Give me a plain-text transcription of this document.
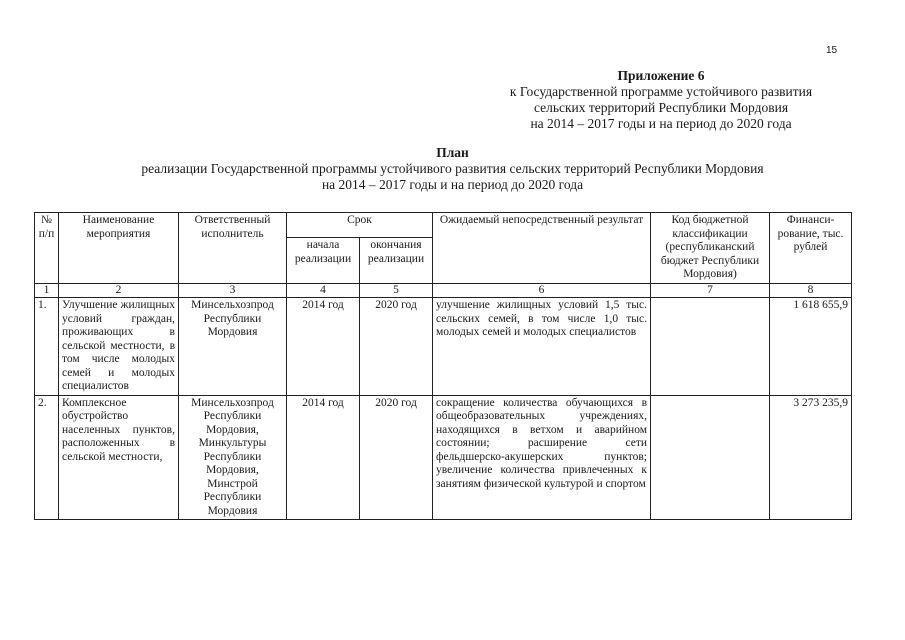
15
Приложение 6
к Государственной программе устойчивого развития
сельских территорий Республики Мордовия
на 2014 – 2017 годы и на период до 2020 года
План
реализации Государственной программы устойчивого развития сельских территорий Республики Мордовия
на 2014 – 2017 годы и на период до 2020 года
№ п/п	Наименование мероприятия	Ответственный исполнитель	Срок		Ожидаемый непосредственный результат	Код бюджетной классификации (республиканский бюджет Республики Мордовия)	Финанси-рование, тыс. рублей
			начала реализации	окончания реализации			
1	2	3	4	5	6	7	8
1.	Улучшение жилищных условий граждан, проживающих в сельской местности, в том числе молодых семей и молодых специалистов	Минсельхозпрод Республики Мордовия	2014 год	2020 год	улучшение жилищных условий 1,5 тыс. сельских семей, в том числе 1,0 тыс. молодых семей и молодых специалистов		1 618 655,9
2.	Комплексное обустройство населенных пунктов, расположенных в сельской местности,	Минсельхозпрод Республики Мордовия, Минкультуры Республики Мордовия, Минстрой Республики Мордовия	2014 год	2020 год	сокращение количества обучающихся в общеобразовательных учреждениях, находящихся в ветхом и аварийном состоянии; расширение сети фельдшерско-акушерских пунктов; увеличение количества привлеченных к занятиям физической культурой и спортом		3 273 235,9
